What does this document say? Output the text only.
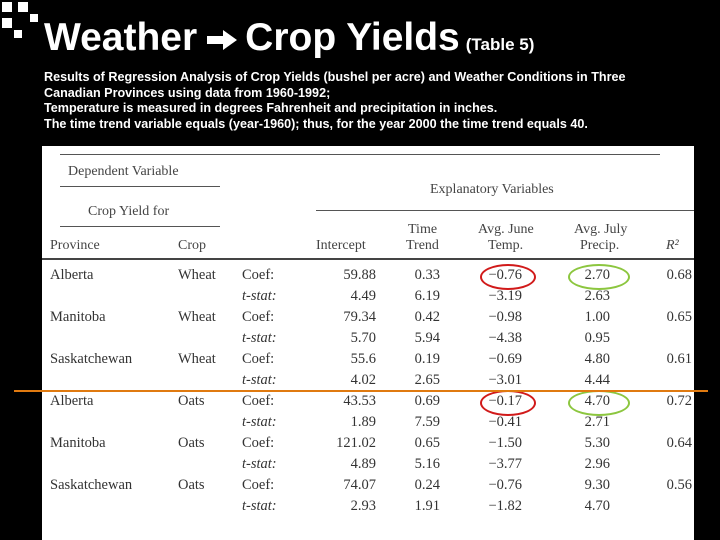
Weather Crop Yields (Table 5)
Results of Regression Analysis of Crop Yields (bushel per acre) and Weather Conditions in Three
Canadian Provinces using data from 1960-1992;
Temperature is measured in degrees Fahrenheit and precipitation in inches.
The time trend variable equals (year-1960); thus, for the year 2000 the time trend equals 40.
Dependent Variable
Explanatory Variables
Crop Yield for
Time	Avg. June	Avg. July
Province	Crop	Intercept	Trend	Temp.	Precip.	R²
Alberta	Wheat Coef:	59.88	0.33	−0.76	2.70	0.68
t-stat:	4.49	6.19	−3.19	2.63
Manitoba	Wheat Coef:	79.34	0.42	−0.98	1.00	0.65
t-stat:	5.70	5.94	−4.38	0.95
Saskatchewan	Wheat Coef:	55.6	0.19	−0.69	4.80	0.61
t-stat:	4.02	2.65	−3.01	4.44
Alberta	Oats	Coef:	43.53	0.69	−0.17	4.70	0.72
t-stat:	1.89	7.59	−0.41	2.71
Manitoba	Oats	Coef:	121.02	0.65	−1.50	5.30	0.64
t-stat:	4.89	5.16	−3.77	2.96
Saskatchewan	Oats	Coef:	74.07	0.24	−0.76	9.30	0.56
t-stat:	2.93	1.91	−1.82	4.70
